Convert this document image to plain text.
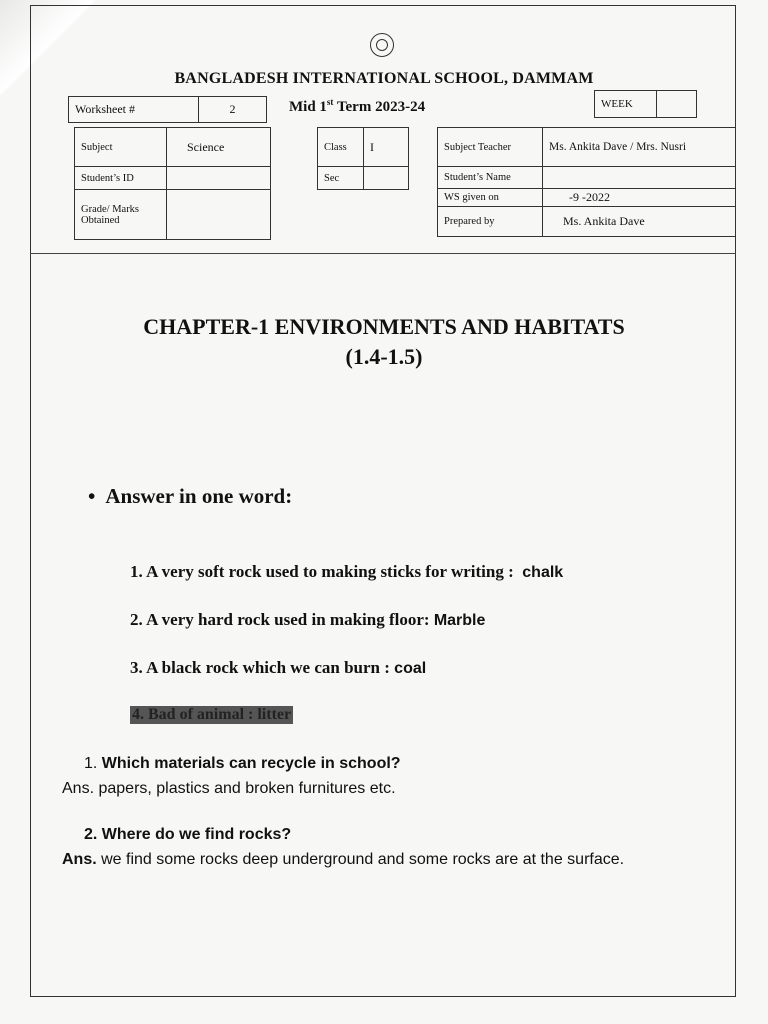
BANGLADESH INTERNATIONAL SCHOOL, DAMMAM
Worksheet #	2	Mid 1st Term 2023-24	WEEK	
Subject	Science
Student’s ID	
Grade/ Marks Obtained	
Class	I
Sec	
Subject Teacher	Ms. Ankita Dave / Mrs. Nusri
Student’s Name	
WS given on	-9 -2022
Prepared by	Ms. Ankita Dave
CHAPTER-1 ENVIRONMENTS AND HABITATS
(1.4-1.5)
• Answer in one word:
1. A very soft rock used to making sticks for writing : chalk
2. A very hard rock used in making floor: Marble
3. A black rock which we can burn : coal
4. Bad of animal : litter
1. Which materials can recycle in school?
Ans. papers, plastics and broken furnitures etc.
2. Where do we find rocks?
Ans. we find some rocks deep underground and some rocks are at the surface.
